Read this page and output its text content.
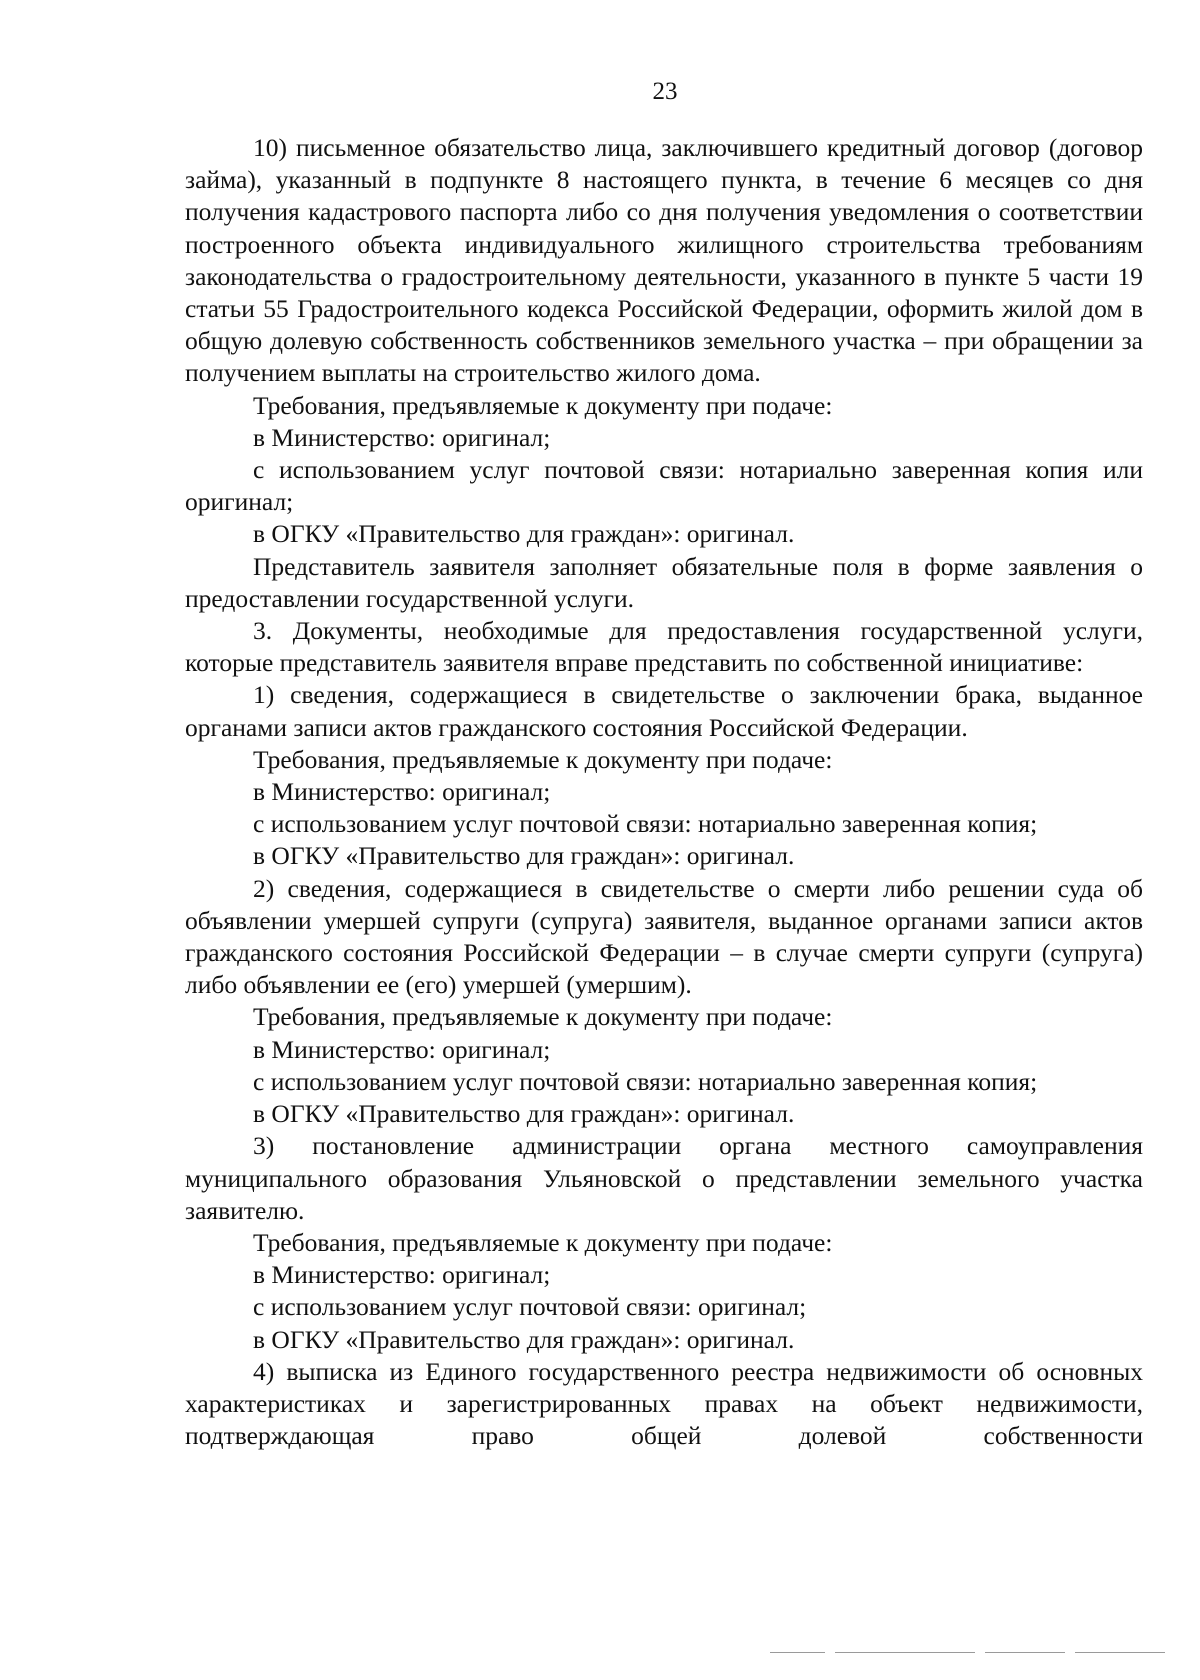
23

10) письменное обязательство лица, заключившего кредитный договор (договор займа), указанный в подпункте 8 настоящего пункта, в течение 6 месяцев со дня получения кадастрового паспорта либо со дня получения уведомления о соответствии построенного объекта индивидуального жилищного строительства требованиям законодательства о градостроительному деятельности, указанного в пункте 5 части 19 статьи 55 Градостроительного кодекса Российской Федерации, оформить жилой дом в общую долевую собственность собственников земельного участка – при обращении за получением выплаты на строительство жилого дома.

Требования, предъявляемые к документу при подаче:

в Министерство: оригинал;

с использованием услуг почтовой связи: нотариально заверенная копия или оригинал;

в ОГКУ «Правительство для граждан»: оригинал.

Представитель заявителя заполняет обязательные поля в форме заявления о предоставлении государственной услуги.

3. Документы, необходимые для предоставления государственной услуги, которые представитель заявителя вправе представить по собственной инициативе:

1) сведения, содержащиеся в свидетельстве о заключении брака, выданное органами записи актов гражданского состояния Российской Федерации.

Требования, предъявляемые к документу при подаче:

в Министерство: оригинал;

с использованием услуг почтовой связи: нотариально заверенная копия;

в ОГКУ «Правительство для граждан»: оригинал.

2) сведения, содержащиеся в свидетельстве о смерти либо решении суда об объявлении умершей супруги (супруга) заявителя, выданное органами записи актов гражданского состояния Российской Федерации – в случае смерти супруги (супруга) либо объявлении ее (его) умершей (умершим).

Требования, предъявляемые к документу при подаче:

в Министерство: оригинал;

с использованием услуг почтовой связи: нотариально заверенная копия;

в ОГКУ «Правительство для граждан»: оригинал.

3) постановление администрации органа местного самоуправления муниципального образования Ульяновской о представлении земельного участка заявителю.

Требования, предъявляемые к документу при подаче:

в Министерство: оригинал;

с использованием услуг почтовой связи: оригинал;

в ОГКУ «Правительство для граждан»: оригинал.

4) выписка из Единого государственного реестра недвижимости об основных характеристиках и зарегистрированных правах на объект недвижимости, подтверждающая право общей долевой собственности
